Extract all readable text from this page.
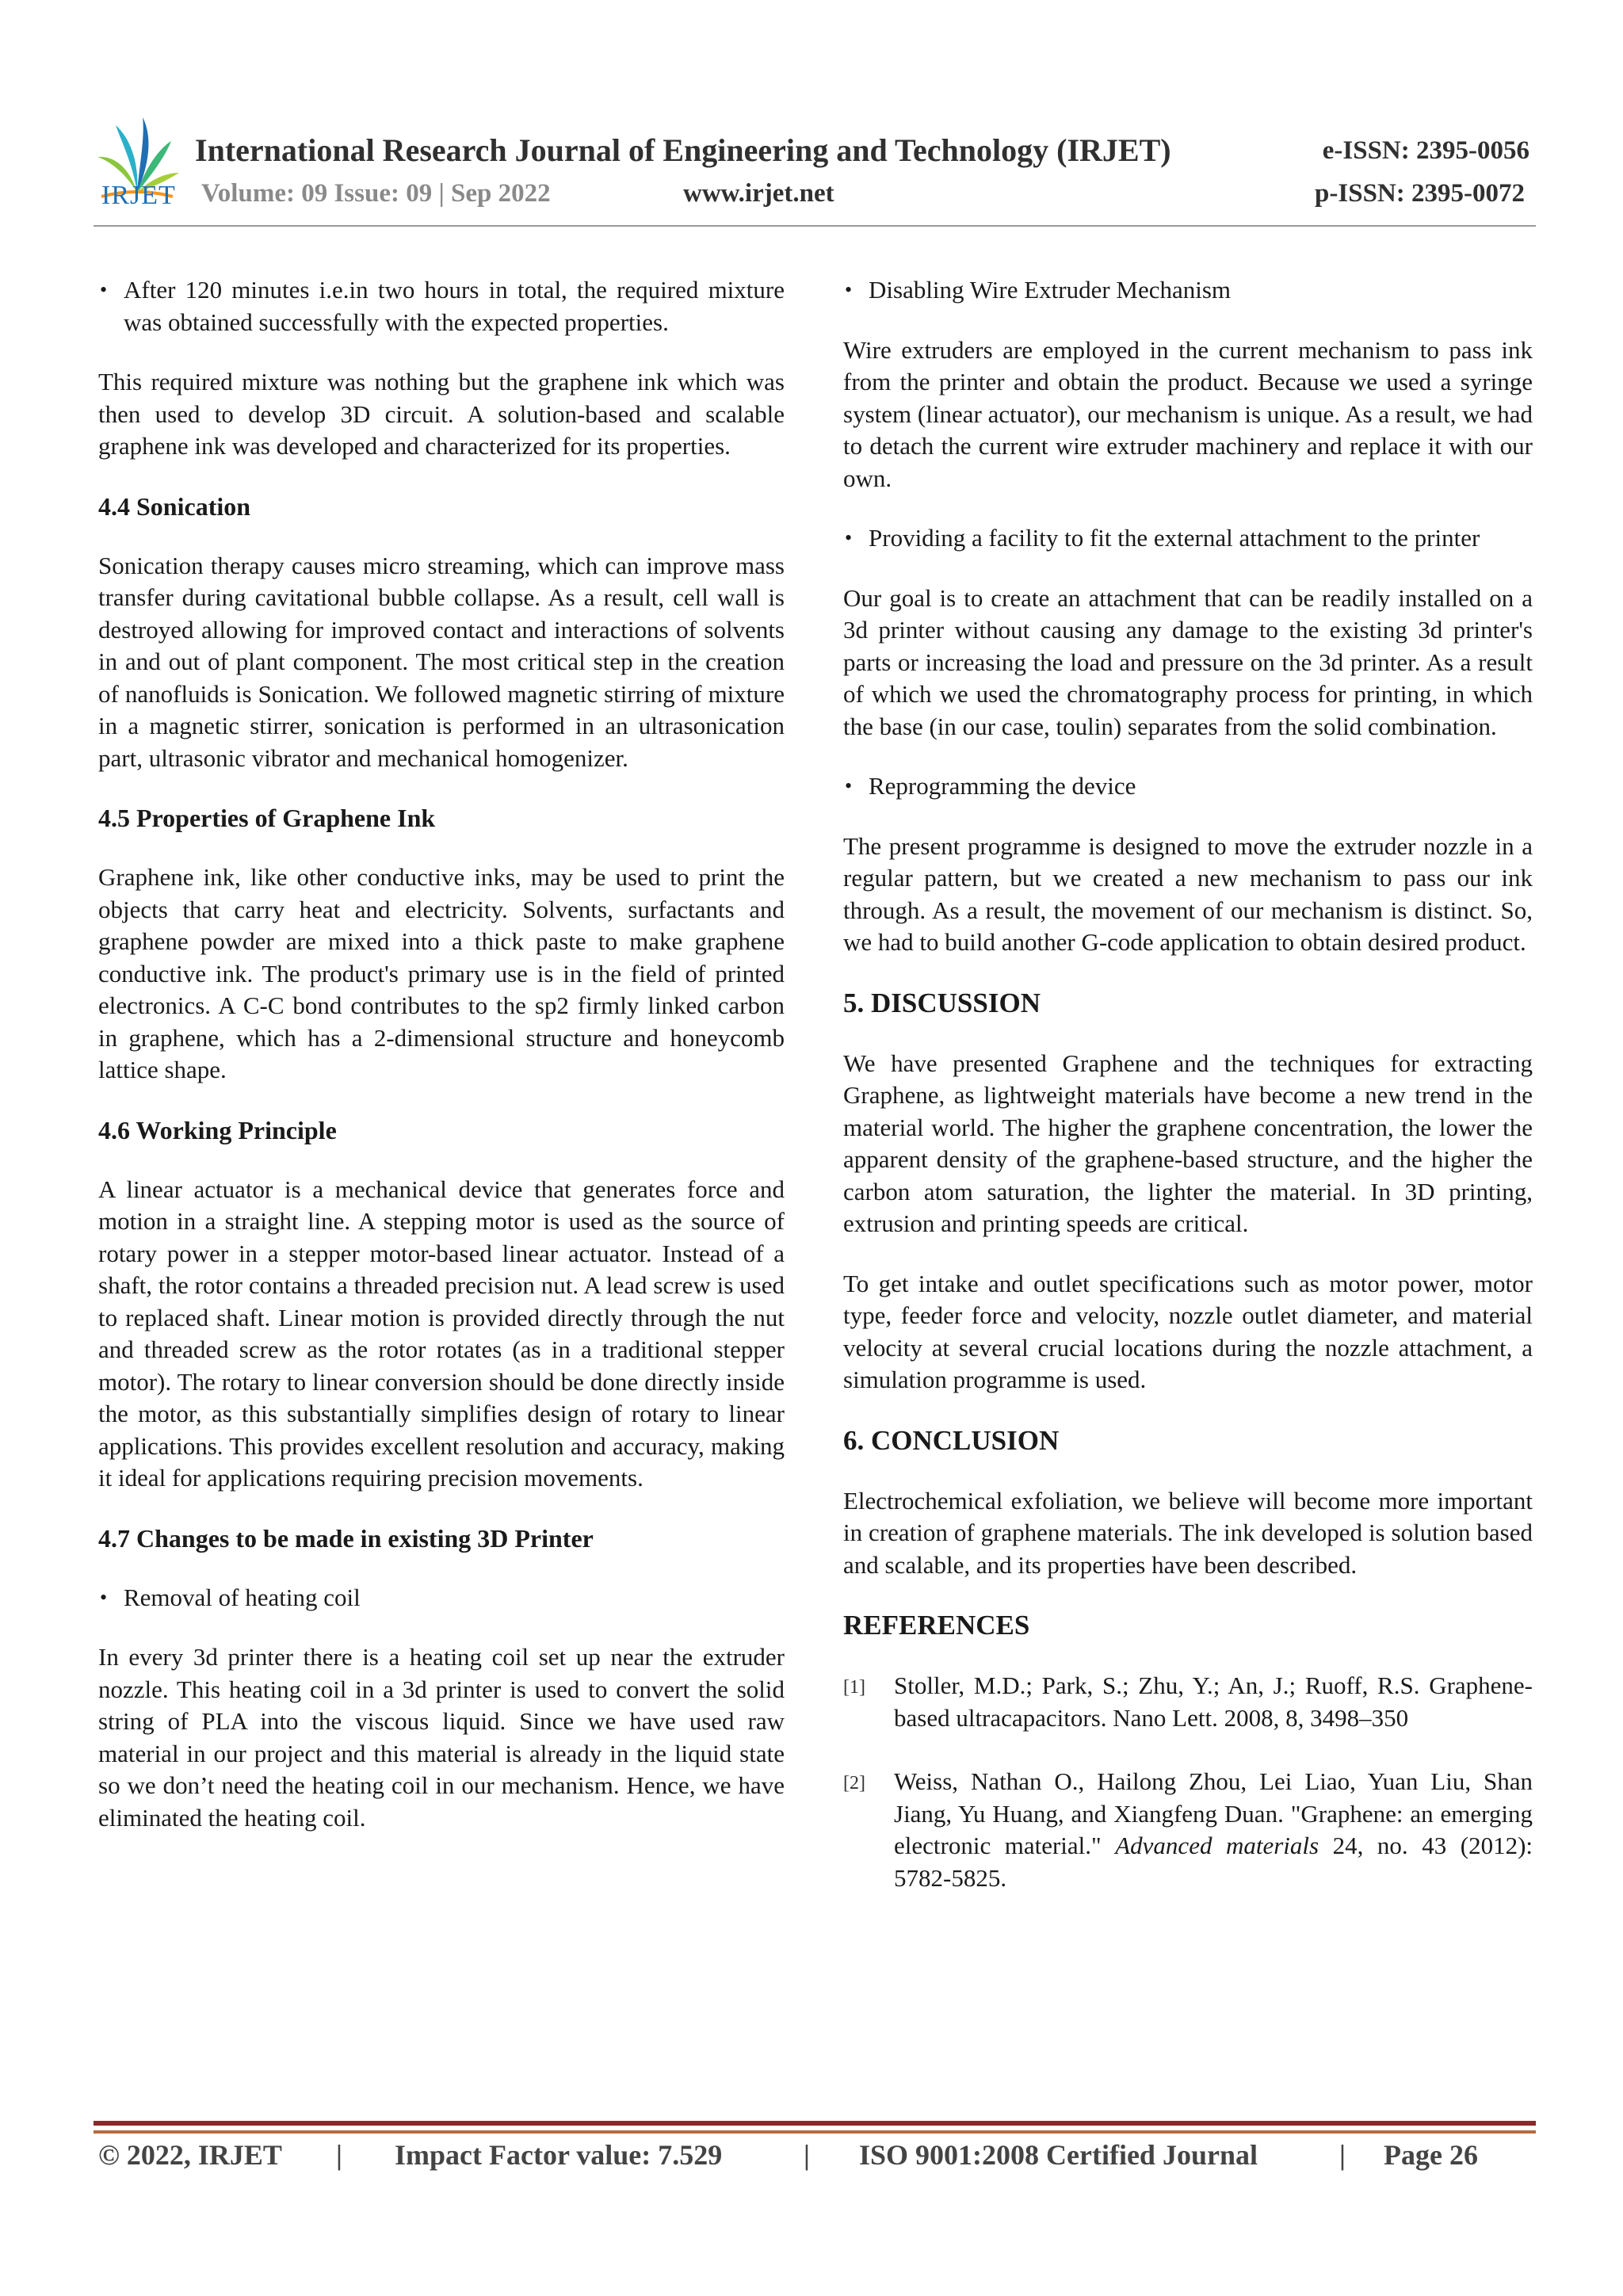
IRJET
International Research Journal of Engineering and Technology (IRJET)	e-ISSN: 2395-0056
Volume: 09 Issue: 09 | Sep 2022	www.irjet.net	p-ISSN: 2395-0072
• After 120 minutes i.e.in two hours in total, the required mixture was obtained successfully with the expected properties.

This required mixture was nothing but the graphene ink which was then used to develop 3D circuit. A solution-based and scalable graphene ink was developed and characterized for its properties.

4.4 Sonication

Sonication therapy causes micro streaming, which can improve mass transfer during cavitational bubble collapse. As a result, cell wall is destroyed allowing for improved contact and interactions of solvents in and out of plant component. The most critical step in the creation of nanofluids is Sonication. We followed magnetic stirring of mixture in a magnetic stirrer, sonication is performed in an ultrasonication part, ultrasonic vibrator and mechanical homogenizer.

4.5 Properties of Graphene Ink

Graphene ink, like other conductive inks, may be used to print the objects that carry heat and electricity. Solvents, surfactants and graphene powder are mixed into a thick paste to make graphene conductive ink. The product's primary use is in the field of printed electronics. A C-C bond contributes to the sp2 firmly linked carbon in graphene, which has a 2-dimensional structure and honeycomb lattice shape.

4.6 Working Principle

A linear actuator is a mechanical device that generates force and motion in a straight line. A stepping motor is used as the source of rotary power in a stepper motor-based linear actuator. Instead of a shaft, the rotor contains a threaded precision nut. A lead screw is used to replaced shaft. Linear motion is provided directly through the nut and threaded screw as the rotor rotates (as in a traditional stepper motor). The rotary to linear conversion should be done directly inside the motor, as this substantially simplifies design of rotary to linear applications. This provides excellent resolution and accuracy, making it ideal for applications requiring precision movements.

4.7 Changes to be made in existing 3D Printer
• Removal of heating coil

In every 3d printer there is a heating coil set up near the extruder nozzle. This heating coil in a 3d printer is used to convert the solid string of PLA into the viscous liquid. Since we have used raw material in our project and this material is already in the liquid state so we don’t need the heating coil in our mechanism. Hence, we have eliminated the heating coil.

• Disabling Wire Extruder Mechanism

Wire extruders are employed in the current mechanism to pass ink from the printer and obtain the product. Because we used a syringe system (linear actuator), our mechanism is unique. As a result, we had to detach the current wire extruder machinery and replace it with our own.

• Providing a facility to fit the external attachment to the printer

Our goal is to create an attachment that can be readily installed on a 3d printer without causing any damage to the existing 3d printer's parts or increasing the load and pressure on the 3d printer. As a result of which we used the chromatography process for printing, in which the base (in our case, toulin) separates from the solid combination.

• Reprogramming the device

The present programme is designed to move the extruder nozzle in a regular pattern, but we created a new mechanism to pass our ink through. As a result, the movement of our mechanism is distinct. So, we had to build another G-code application to obtain desired product.

5. DISCUSSION

We have presented Graphene and the techniques for extracting Graphene, as lightweight materials have become a new trend in the material world. The higher the graphene concentration, the lower the apparent density of the graphene-based structure, and the higher the carbon atom saturation, the lighter the material. In 3D printing, extrusion and printing speeds are critical.

To get intake and outlet specifications such as motor power, motor type, feeder force and velocity, nozzle outlet diameter, and material velocity at several crucial locations during the nozzle attachment, a simulation programme is used.

6. CONCLUSION

Electrochemical exfoliation, we believe will become more important in creation of graphene materials. The ink developed is solution based and scalable, and its properties have been described.

REFERENCES
[1]	Stoller, M.D.; Park, S.; Zhu, Y.; An, J.; Ruoff, R.S. Graphene-based ultracapacitors. Nano Lett. 2008, 8, 3498–350
[2]	Weiss, Nathan O., Hailong Zhou, Lei Liao, Yuan Liu, Shan Jiang, Yu Huang, and Xiangfeng Duan. "Graphene: an emerging electronic material." Advanced materials 24, no. 43 (2012): 5782-5825.
© 2022, IRJET | Impact Factor value: 7.529	| ISO 9001:2008 Certified Journal	| Page 26
